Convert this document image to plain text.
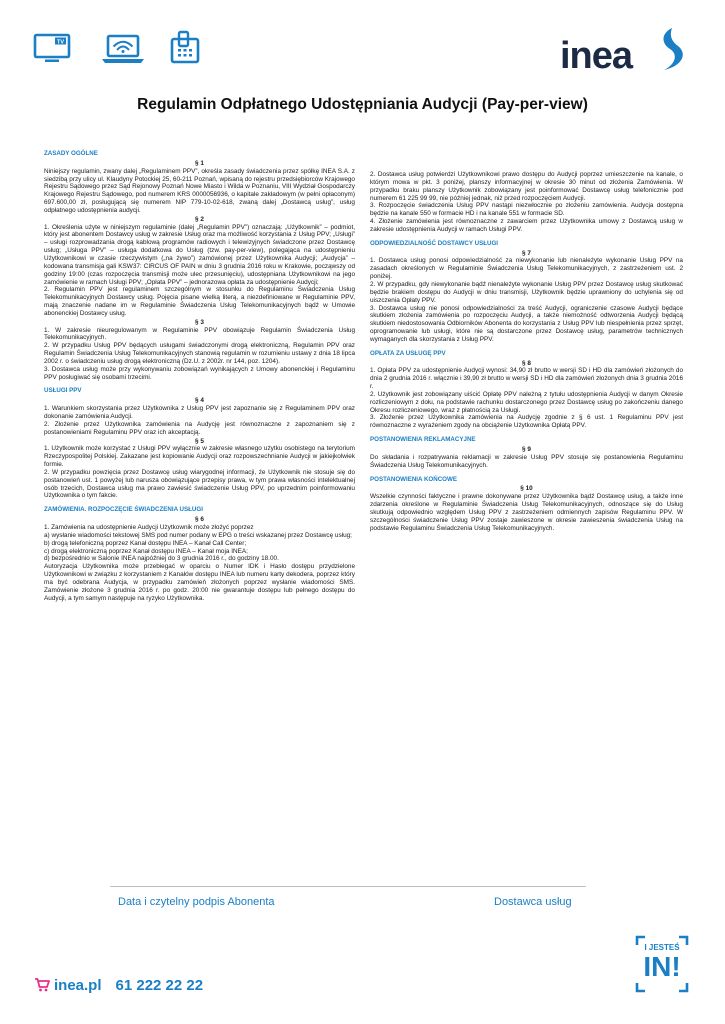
TV	inea
Regulamin Odpłatnego Udostępniania Audycji (Pay-per-view)

ZASADY OGÓLNE

§ 1

Niniejszy regulamin, zwany dalej „Regulaminem PPV”, określa zasady świadczenia przez spółkę INEA S.A. z siedzibą przy ulicy ul. Klaudyny Potockiej 25, 60-211 Poznań, wpisaną do rejestru przedsiębiorców Krajowego Rejestru Sądowego przez Sąd Rejonowy Poznań Nowe Miasto i Wilda w Poznaniu, VIII Wydział Gospodarczy Krajowego Rejestru Sądowego, pod numerem KRS 0000056936, o kapitale zakładowym (w pełni opłaconym) 697.600,00 zł, posługującą się numerem NIP 779-10-02-618, zwaną dalej „Dostawcą usług”, usług odpłatnego udostępnienia audycji.

§ 2

1. Określenia użyte w niniejszym regulaminie (dalej „Regulamin PPV”) oznaczają: „Użytkownik” – podmiot, który jest abonentem Dostawcy usług w zakresie Usług oraz ma możliwość korzystania z Usług PPV; „Usługi” – usługi rozprowadzania drogą kablową programów radiowych i telewizyjnych świadczone przez Dostawcę usług; „Usługa PPV” – usługa dodatkowa do Usług (tzw. pay-per-view), polegająca na udostępnieniu Użytkownikowi w czasie rzeczywistym („na żywo”) zamówionej przez Użytkownika Audycji; „Audycja” – kodowana transmisja gali KSW37: CIRCUS OF PAIN w dniu 3 grudnia 2016 roku w Krakowie, począwszy od godziny 19:00 (czas rozpoczęcia transmisji może ulec przesunięciu), udostępniana Użytkownikowi na jego zamówienie w ramach Usługi PPV; „Opłata PPV” – jednorazowa opłata za udostępnienie Audycji;

2. Regulamin PPV jest regulaminem szczególnym w stosunku do Regulaminu Świadczenia Usług Telekomunikacyjnych Dostawcy usług. Pojęcia pisane wielką literą, a niezdefiniowane w Regulaminie PPV, mają znaczenie nadane im w Regulaminie Świadczenia Usług Telekomunikacyjnych bądź w Umowie abonenckiej Dostawcy usług.

§ 3

1. W zakresie nieuregulowanym w Regulaminie PPV obowiązuje Regulamin Świadczenia Usług Telekomunikacyjnych.

2. W przypadku Usług PPV będących usługami świadczonymi drogą elektroniczną, Regulamin PPV oraz Regulamin Świadczenia Usług Telekomunikacyjnych stanowią regulamin w rozumieniu ustawy z dnia 18 lipca 2002 r. o świadczeniu usług drogą elektroniczną (Dz.U. z 2002r. nr 144, poz. 1204).

3. Dostawca usług może przy wykonywaniu zobowiązań wynikających z Umowy abonenckiej i Regulaminu PPV posługiwać się osobami trzecimi.

USŁUGI PPV

§ 4

1. Warunkiem skorzystania przez Użytkownika z Usług PPV jest zapoznanie się z Regulaminem PPV oraz dokonanie zamówienia Audycji.

2. Złożenie przez Użytkownika zamówienia na Audycję jest równoznaczne z zapoznaniem się z postanowieniami Regulaminu PPV oraz ich akceptacją.

§ 5

1. Użytkownik może korzystać z Usługi PPV wyłącznie w zakresie własnego użytku osobistego na terytorium Rzeczypospolitej Polskiej. Zakazane jest kopiowanie Audycji oraz rozpowszechnianie Audycji w jakiejkolwiek formie.

2. W przypadku powzięcia przez Dostawcę usług wiarygodnej informacji, że Użytkownik nie stosuje się do postanowień ust. 1 powyżej lub narusza obowiązujące przepisy prawa, w tym prawa własności intelektualnej osób trzecich, Dostawca usług ma prawo zawiesić świadczenie Usług PPV, po uprzednim poinformowaniu Użytkownika o tym fakcie.

ZAMÓWIENIA. ROZPOCZĘCIE ŚWIADCZENIA USŁUGI

§ 6

1. Zamówienia na udostępnienie Audycji Użytkownik może złożyć poprzez

a) wysłanie wiadomości tekstowej SMS pod numer podany w EPG o treści wskazanej przez Dostawcę usług;

b) drogą telefoniczną poprzez Kanał dostępu INEA – Kanał Call Center;

c) drogą elektroniczną poprzez Kanał dostępu INEA – Kanał moja INEA;

d) bezpośrednio w Salonie INEA najpóźniej do 3 grudnia 2016 r., do godziny 18.00.

Autoryzacja Użytkownika może przebiegać w oparciu o Numer IDK i Hasło dostępu przydzielone Użytkownikowi w związku z korzystaniem z Kanałów dostępu INEA lub numeru karty dekodera, poprzez który ma być odebrana Audycja, w przypadku zamówień złożonych poprzez wysłanie wiadomości SMS. Zamówienie złożone 3 grudnia 2016 r. po godz. 20:00 nie gwarantuje dostępu lub pełnego dostępu do Audycji, a tym samym następuje na ryzyko Użytkownika.

2. Dostawca usług potwierdzi Użytkownikowi prawo dostępu do Audycji poprzez umieszczenie na kanale, o którym mowa w pkt. 3 poniżej, planszy informacyjnej w okresie 30 minut od złożenia Zamówienia. W przypadku braku planszy Użytkownik zobowiązany jest poinformować Dostawcę usług telefonicznie pod numerem 61 225 99 99, nie później jednak, niż przed rozpoczęciem Audycji.

3. Rozpoczęcie świadczenia Usług PPV nastąpi niezwłocznie po złożeniu zamówienia. Audycja dostępna będzie na kanale 550 w formacie HD i na kanale 551 w formacie SD.

4. Złożenie zamówienia jest równoznaczne z zawarciem przez Użytkownika umowy z Dostawcą usług w zakresie udostępnienia Audycji w ramach Usługi PPV.

ODPOWIEDZIALNOŚĆ DOSTAWCY USŁUGI

§ 7

1. Dostawca usług ponosi odpowiedzialność za niewykonanie lub nienależyte wykonanie Usług PPV na zasadach określonych w Regulaminie Świadczenia Usług Telekomunikacyjnych, z zastrzeżeniem ust. 2 poniżej.

2. W przypadku, gdy niewykonanie bądź nienależyte wykonanie Usług PPV przez Dostawcę usług skutkować będzie brakiem dostępu do Audycji w dniu transmisji, Użytkownik będzie uprawniony do uchylenia się od uiszczenia Opłaty PPV.

3. Dostawca usług nie ponosi odpowiedzialności za treść Audycji, ograniczenie czasowe Audycji będące skutkiem złożenia zamówienia po rozpoczęciu Audycji, a także niemożność odtworzenia Audycji będącą skutkiem niedostosowania Odbiorników Abonenta do korzystania z Usług PPV lub niespełnienia przez sprzęt, oprogramowanie lub usługi, które nie są dostarczone przez Dostawcę usług, parametrów technicznych wymaganych dla skorzystania z Usług PPV.

OPŁATA ZA USŁUGĘ PPV

§ 8

1. Opłata PPV za udostępnienie Audycji wynosi: 34,90 zł brutto w wersji SD i HD dla zamówień złożonych do dnia 2 grudnia 2016 r. włącznie i 39,90 zł brutto w wersji SD i HD dla zamówień złożonych dnia 3 grudnia 2016 r.

2. Użytkownik jest zobowiązany uiścić Opłatę PPV należną z tytułu udostępnienia Audycji w danym Okresie rozliczeniowym z dołu, na podstawie rachunku dostarczonego przez Dostawcę usług po zakończeniu danego Okresu rozliczeniowego, wraz z płatnością za Usługi.

3. Złożenie przez Użytkownika zamówienia na Audycję zgodnie z § 6 ust. 1 Regulaminu PPV jest równoznaczne z wyrażeniem zgody na obciążenie Użytkownika Opłatą PPV.

POSTANOWIENIA REKLAMACYJNE

§ 9

Do składania i rozpatrywania reklamacji w zakresie Usług PPV stosuje się postanowienia Regulaminu Świadczenia Usług Telekomunikacyjnych.

POSTANOWIENIA KOŃCOWE

§ 10

Wszelkie czynności faktyczne i prawne dokonywane przez Użytkownika bądź Dostawcę usług, a także inne zdarzenia określone w Regulaminie Świadczenia Usług Telekomunikacyjnych, odnoszące się do Usług skutkują odpowiednio względem Usług PPV z zastrzeżeniem odmiennych zapisów Regulaminu PPV. W szczególności świadczenie Usług PPV zostaje zawieszone w okresie zawieszenia świadczenia Usług na podstawie Regulaminu Świadczenia Usług Telekomunikacyjnych.

Data i czytelny podpis Abonenta	Dostawca usług
inea.pl 61 222 22 22
I JESTEŚ
IN!
